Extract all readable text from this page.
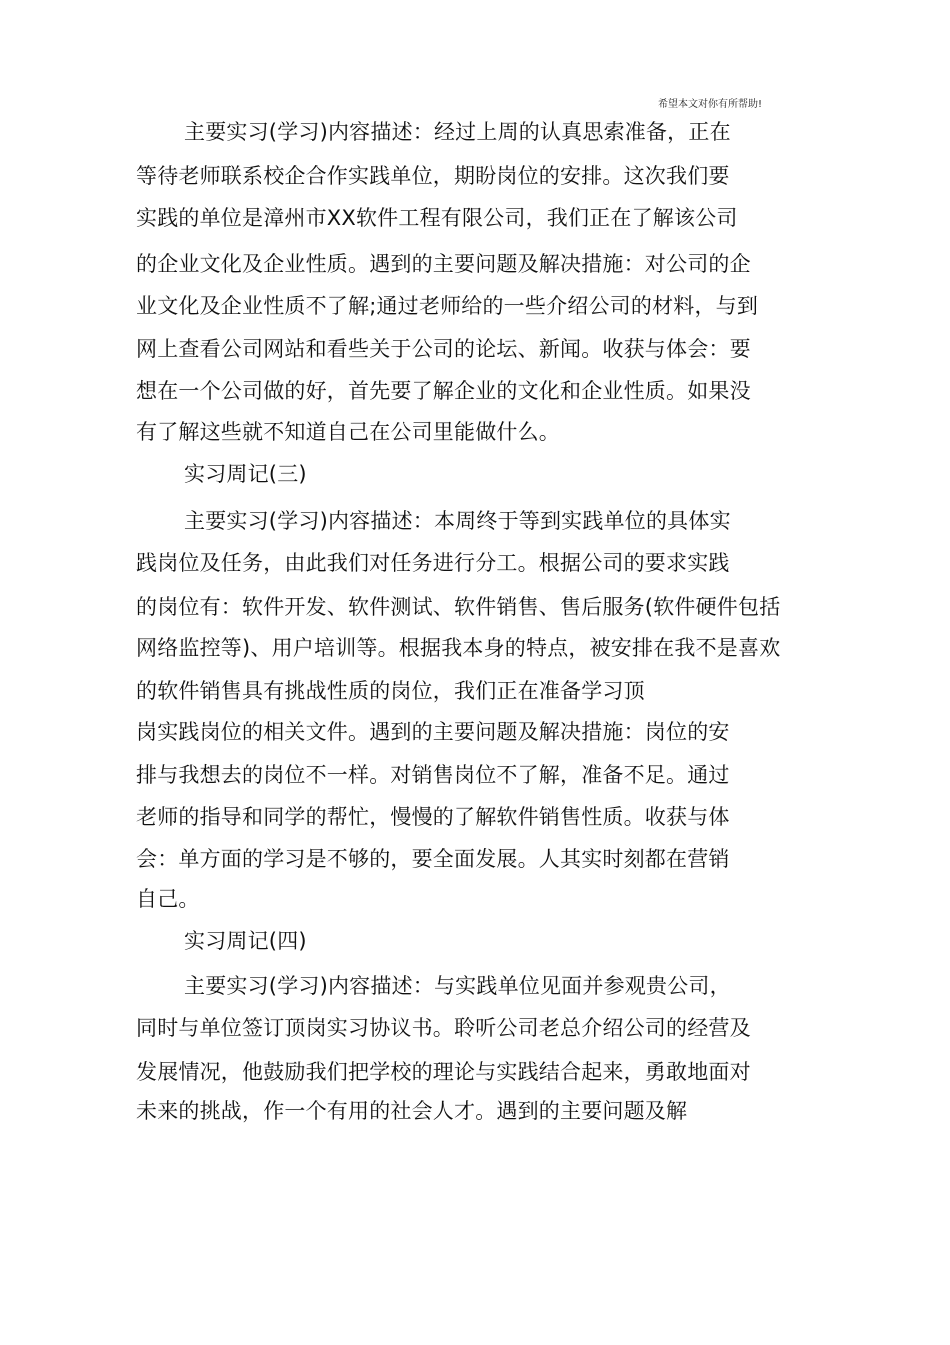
希望本文对你有所帮助!
主要实习(学习)内容描述：经过上周的认真思索准备，正在
等待老师联系校企合作实践单位，期盼岗位的安排。这次我们要
实践的单位是漳州市XX软件工程有限公司，我们正在了解该公司
的企业文化及企业性质。遇到的主要问题及解决措施：对公司的企
业文化及企业性质不了解;通过老师给的一些介绍公司的材料，与到
网上查看公司网站和看些关于公司的论坛、新闻。收获与体会：要
想在一个公司做的好，首先要了解企业的文化和企业性质。如果没
有了解这些就不知道自己在公司里能做什么。
实习周记(三)
主要实习(学习)内容描述：本周终于等到实践单位的具体实
践岗位及任务，由此我们对任务进行分工。根据公司的要求实践
的岗位有：软件开发、软件测试、软件销售、售后服务(软件硬件包括
网络监控等)、用户培训等。根据我本身的特点，被安排在我不是喜欢
的软件销售具有挑战性质的岗位，我们正在准备学习顶
岗实践岗位的相关文件。遇到的主要问题及解决措施：岗位的安
排与我想去的岗位不一样。对销售岗位不了解，准备不足。通过
老师的指导和同学的帮忙，慢慢的了解软件销售性质。收获与体
会：单方面的学习是不够的，要全面发展。人其实时刻都在营销
自己。
实习周记(四)
主要实习(学习)内容描述：与实践单位见面并参观贵公司，
同时与单位签订顶岗实习协议书。聆听公司老总介绍公司的经营及
发展情况，他鼓励我们把学校的理论与实践结合起来，勇敢地面对
未来的挑战，作一个有用的社会人才。遇到的主要问题及解
